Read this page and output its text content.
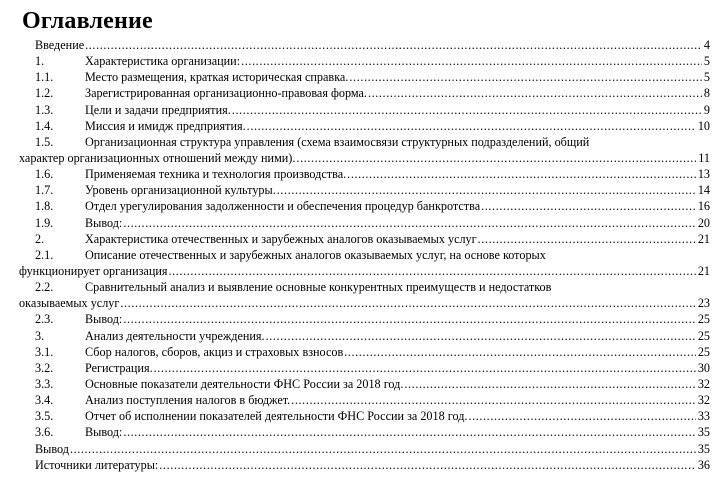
Оглавление
Введение .....	4
1.	Характеристика организации: .....	5
1.1.	Место размещения, краткая историческая справка. .....	5
1.2.	Зарегистрированная организационно-правовая форма. .....	8
1.3.	Цели и задачи предприятия. .....	9
1.4.	Миссия и имидж предприятия. .....	10
1.5.	Организационная структура управления (схема взаимосвязи структурных подразделений, общий
характер организационных отношений между ними). .....	11
1.6.	Применяемая техника и технология производства. .....	13
1.7.	Уровень организационной культуры. .....	14
1.8.	Отдел урегулирования задолженности и обеспечения процедур банкротства .....	16
1.9.	Вывод: .....	20
2.	Характеристика отечественных и зарубежных аналогов оказываемых услуг .....	21
2.1.	Описание отечественных и зарубежных аналогов оказываемых услуг, на основе которых
функционирует организация .....	21
2.2.	Сравнительный анализ и выявление основные конкурентных преимуществ и недостатков
оказываемых услуг .....	23
2.3.	Вывод: .....	25
3.	Анализ деятельности учреждения. .....	25
3.1.	Сбор налогов, сборов, акциз и страховых взносов .....	25
3.2.	Регистрация. .....	30
3.3.	Основные показатели деятельности ФНС России за 2018 год. .....	32
3.4.	Анализ поступления налогов в бюджет. .....	32
3.5.	Отчет об исполнении показателей деятельности ФНС России за 2018 год. .....	33
3.6.	Вывод: .....	35
Вывод .....	35
Источники литературы: .....	36
